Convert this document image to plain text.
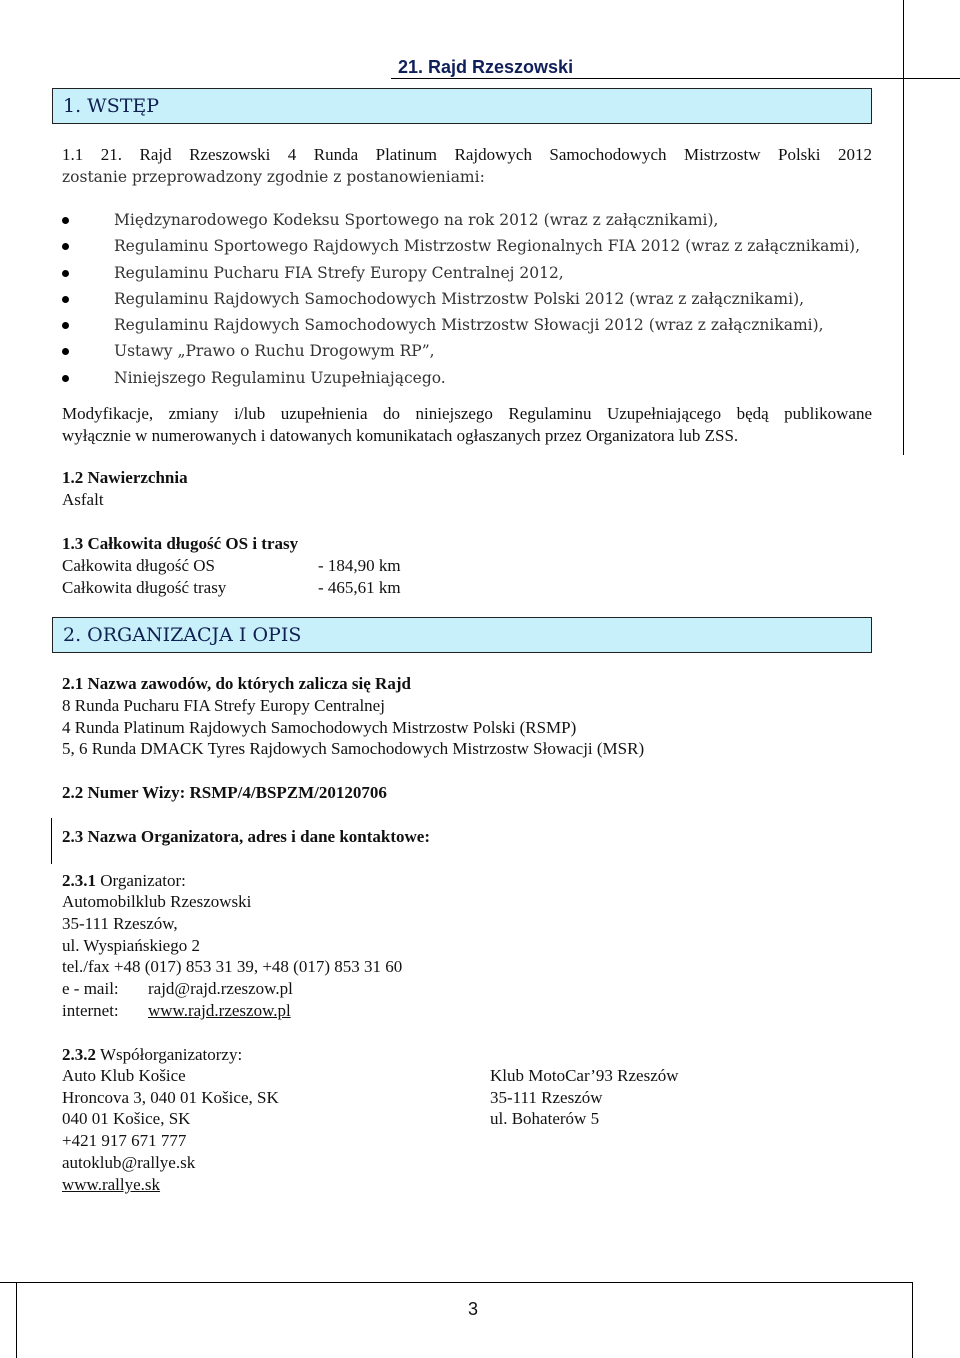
21. Rajd Rzeszowski
1. WSTĘP
1.1 21. Rajd Rzeszowski 4 Runda Platinum Rajdowych Samochodowych Mistrzostw Polski 2012
zostanie przeprowadzony zgodnie z postanowieniami:
Międzynarodowego Kodeksu Sportowego na rok 2012 (wraz z załącznikami),
Regulaminu Sportowego Rajdowych Mistrzostw Regionalnych FIA 2012 (wraz z załącznikami),
Regulaminu Pucharu FIA Strefy Europy Centralnej 2012,
Regulaminu Rajdowych Samochodowych Mistrzostw Polski 2012 (wraz z załącznikami),
Regulaminu Rajdowych Samochodowych Mistrzostw Słowacji 2012 (wraz z załącznikami),
Ustawy „Prawo o Ruchu Drogowym RP”,
Niniejszego Regulaminu Uzupełniającego.
Modyfikacje, zmiany i/lub uzupełnienia do niniejszego Regulaminu Uzupełniającego będą publikowane
wyłącznie w numerowanych i datowanych komunikatach ogłaszanych przez Organizatora lub ZSS.
1.2 Nawierzchnia
Asfalt
1.3 Całkowita długość OS i trasy
Całkowita długość OS	- 184,90 km
Całkowita długość trasy	- 465,61 km
2. ORGANIZACJA I OPIS
2.1 Nazwa zawodów, do których zalicza się Rajd
8 Runda Pucharu FIA Strefy Europy Centralnej
4 Runda Platinum Rajdowych Samochodowych Mistrzostw Polski (RSMP)
5, 6 Runda DMACK Tyres Rajdowych Samochodowych Mistrzostw Słowacji (MSR)
2.2 Numer Wizy: RSMP/4/BSPZM/20120706
2.3 Nazwa Organizatora, adres i dane kontaktowe:
2.3.1 Organizator:
Automobilklub Rzeszowski
35-111 Rzeszów,
ul. Wyspiańskiego 2
tel./fax +48 (017) 853 31 39, +48 (017) 853 31 60
e - mail: rajd@rajd.rzeszow.pl
internet: www.rajd.rzeszow.pl
2.3.2 Współorganizatorzy:
Auto Klub Košice
Hroncova 3, 040 01 Košice, SK
040 01 Košice, SK
+421 917 671 777
autoklub@rallye.sk
www.rallye.sk
Klub MotoCar’93 Rzeszów
35-111 Rzeszów
ul. Bohaterów 5
3
